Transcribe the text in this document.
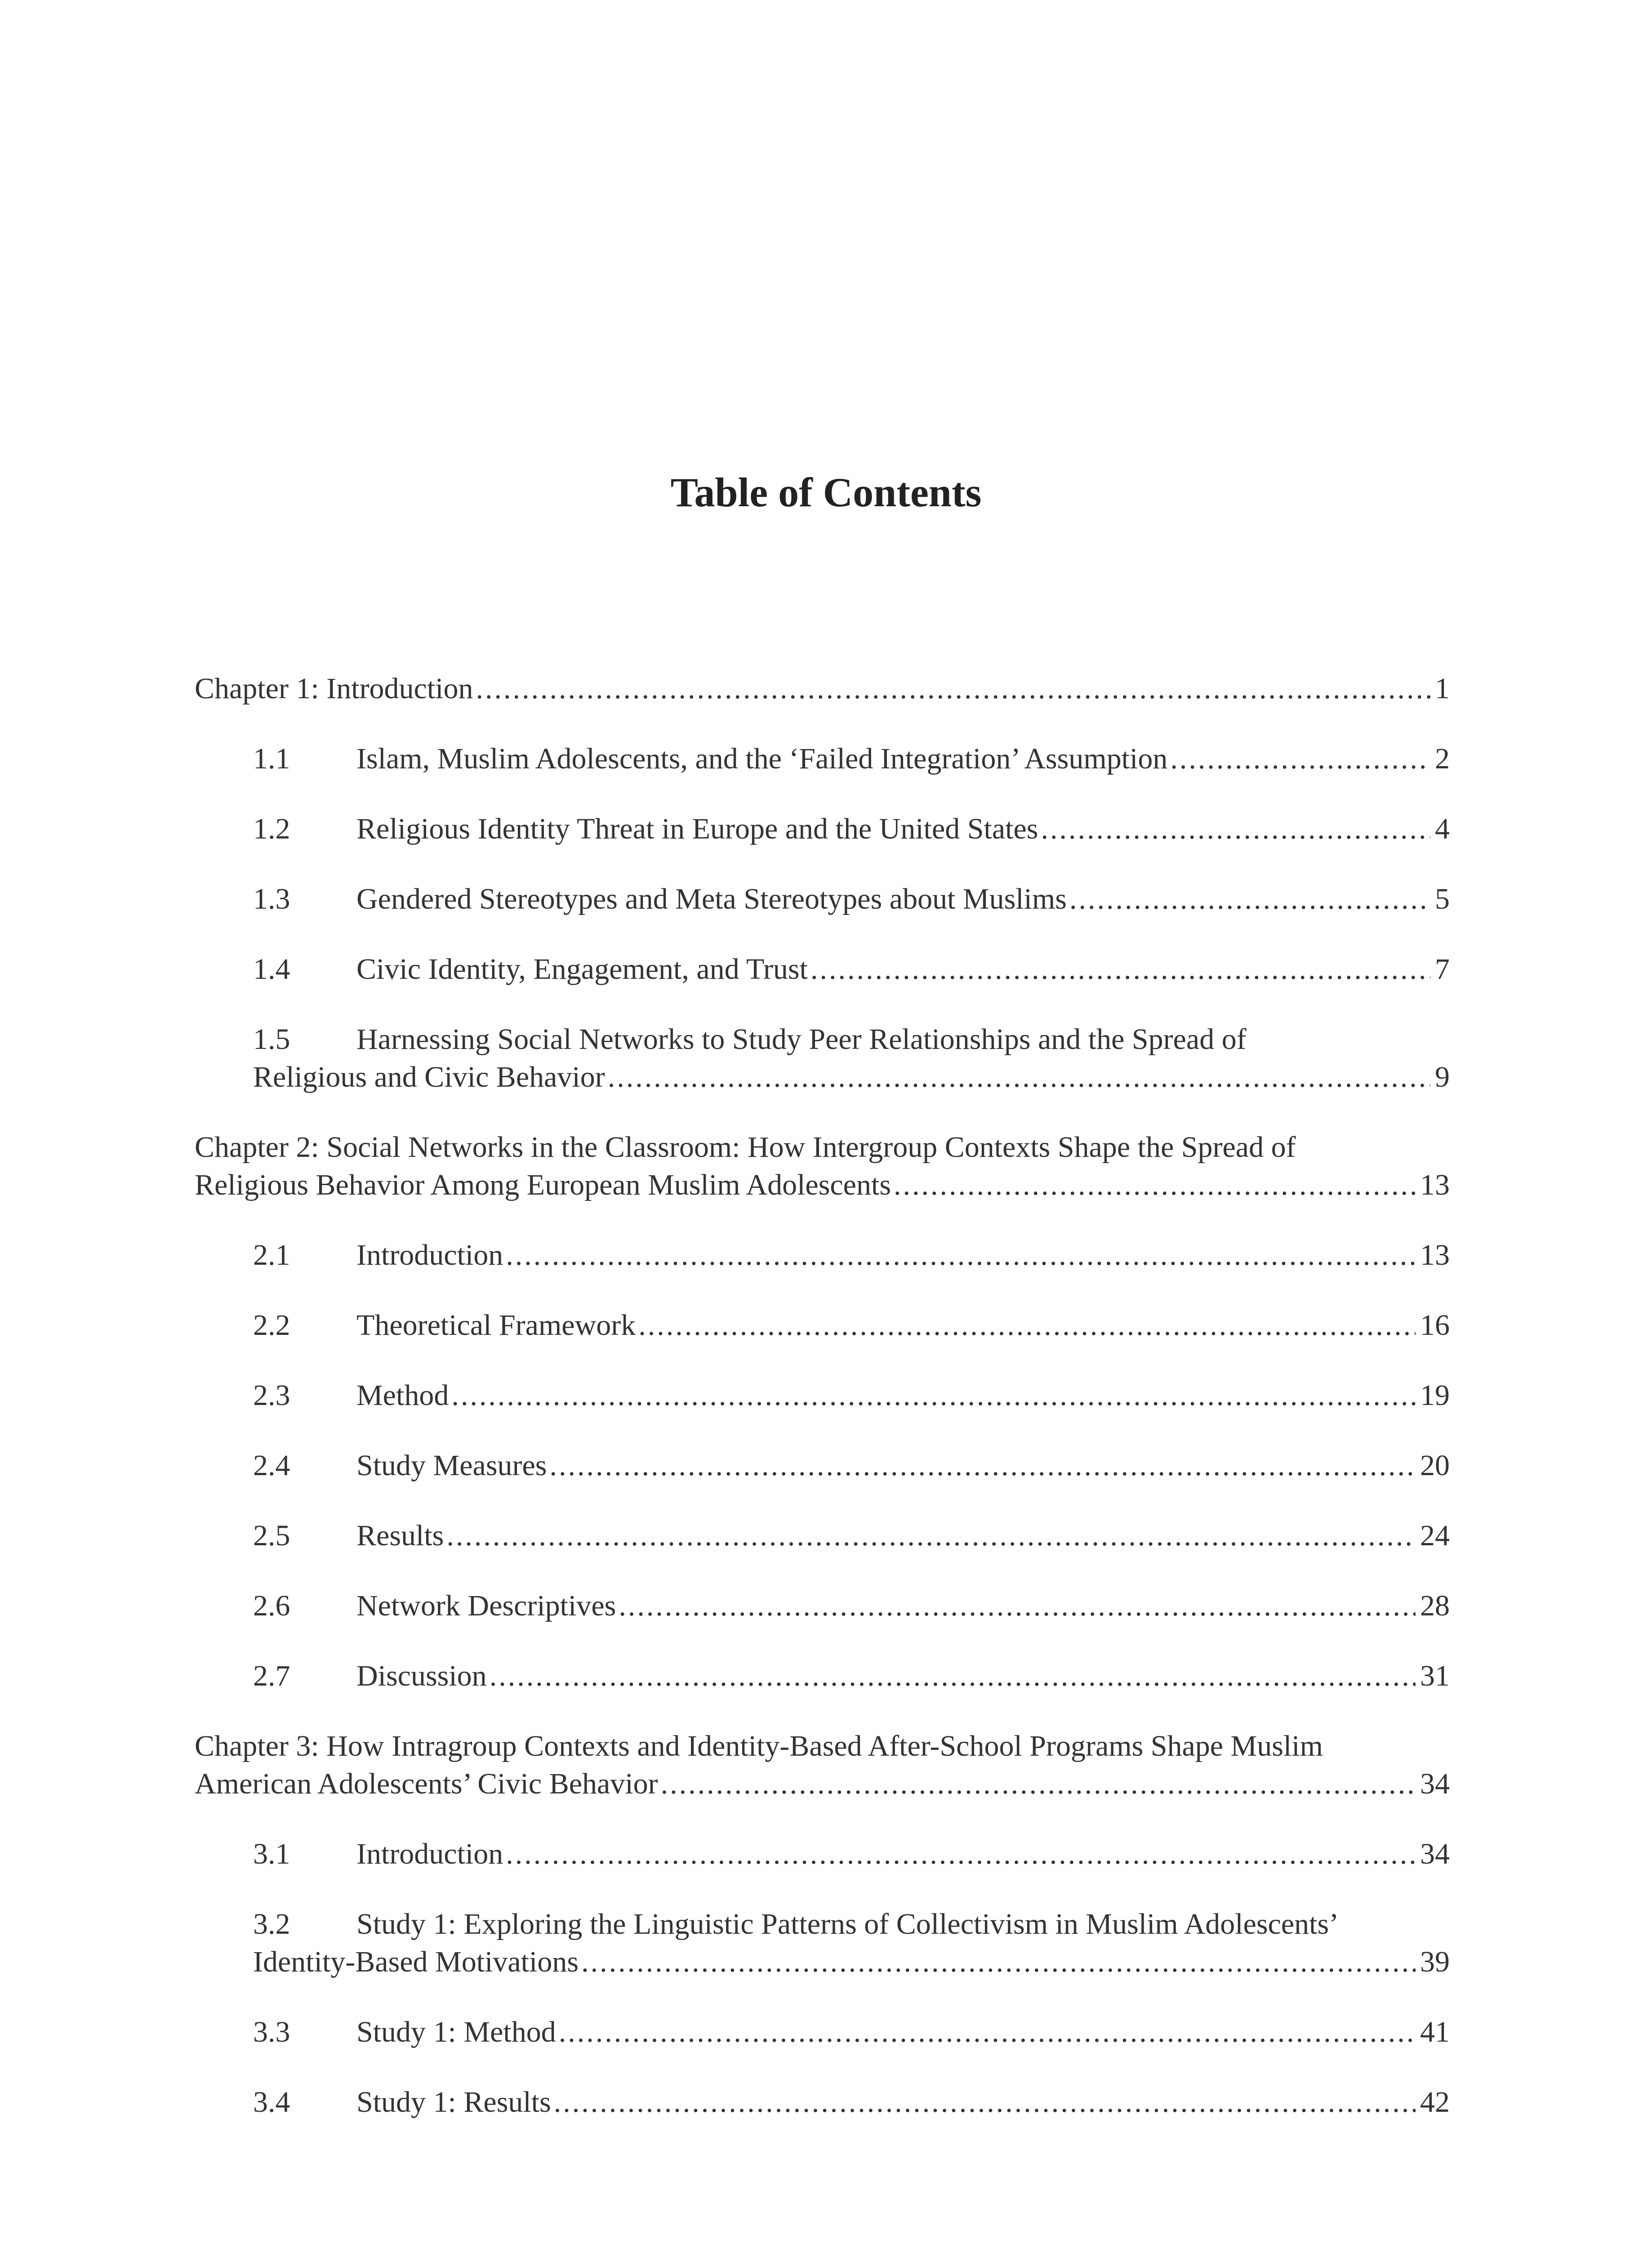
Table of Contents
Chapter 1: Introduction .....	1
1.1	Islam, Muslim Adolescents, and the ‘Failed Integration’ Assumption .....	2
1.2	Religious Identity Threat in Europe and the United States .....	4
1.3	Gendered Stereotypes and Meta Stereotypes about Muslims .....	5
1.4	Civic Identity, Engagement, and Trust .....	7
1.5	Harnessing Social Networks to Study Peer Relationships and the Spread of
Religious and Civic Behavior .....	9
Chapter 2: Social Networks in the Classroom: How Intergroup Contexts Shape the Spread of
Religious Behavior Among European Muslim Adolescents .....	13
2.1	Introduction .....	13
2.2	Theoretical Framework .....	16
2.3	Method .....	19
2.4	Study Measures .....	20
2.5	Results .....	24
2.6	Network Descriptives .....	28
2.7	Discussion .....	31
Chapter 3: How Intragroup Contexts and Identity-Based After-School Programs Shape Muslim
American Adolescents’ Civic Behavior .....	34
3.1	Introduction .....	34
3.2	Study 1: Exploring the Linguistic Patterns of Collectivism in Muslim Adolescents’
Identity-Based Motivations .....	39
3.3	Study 1: Method .....	41
3.4	Study 1: Results .....	42
